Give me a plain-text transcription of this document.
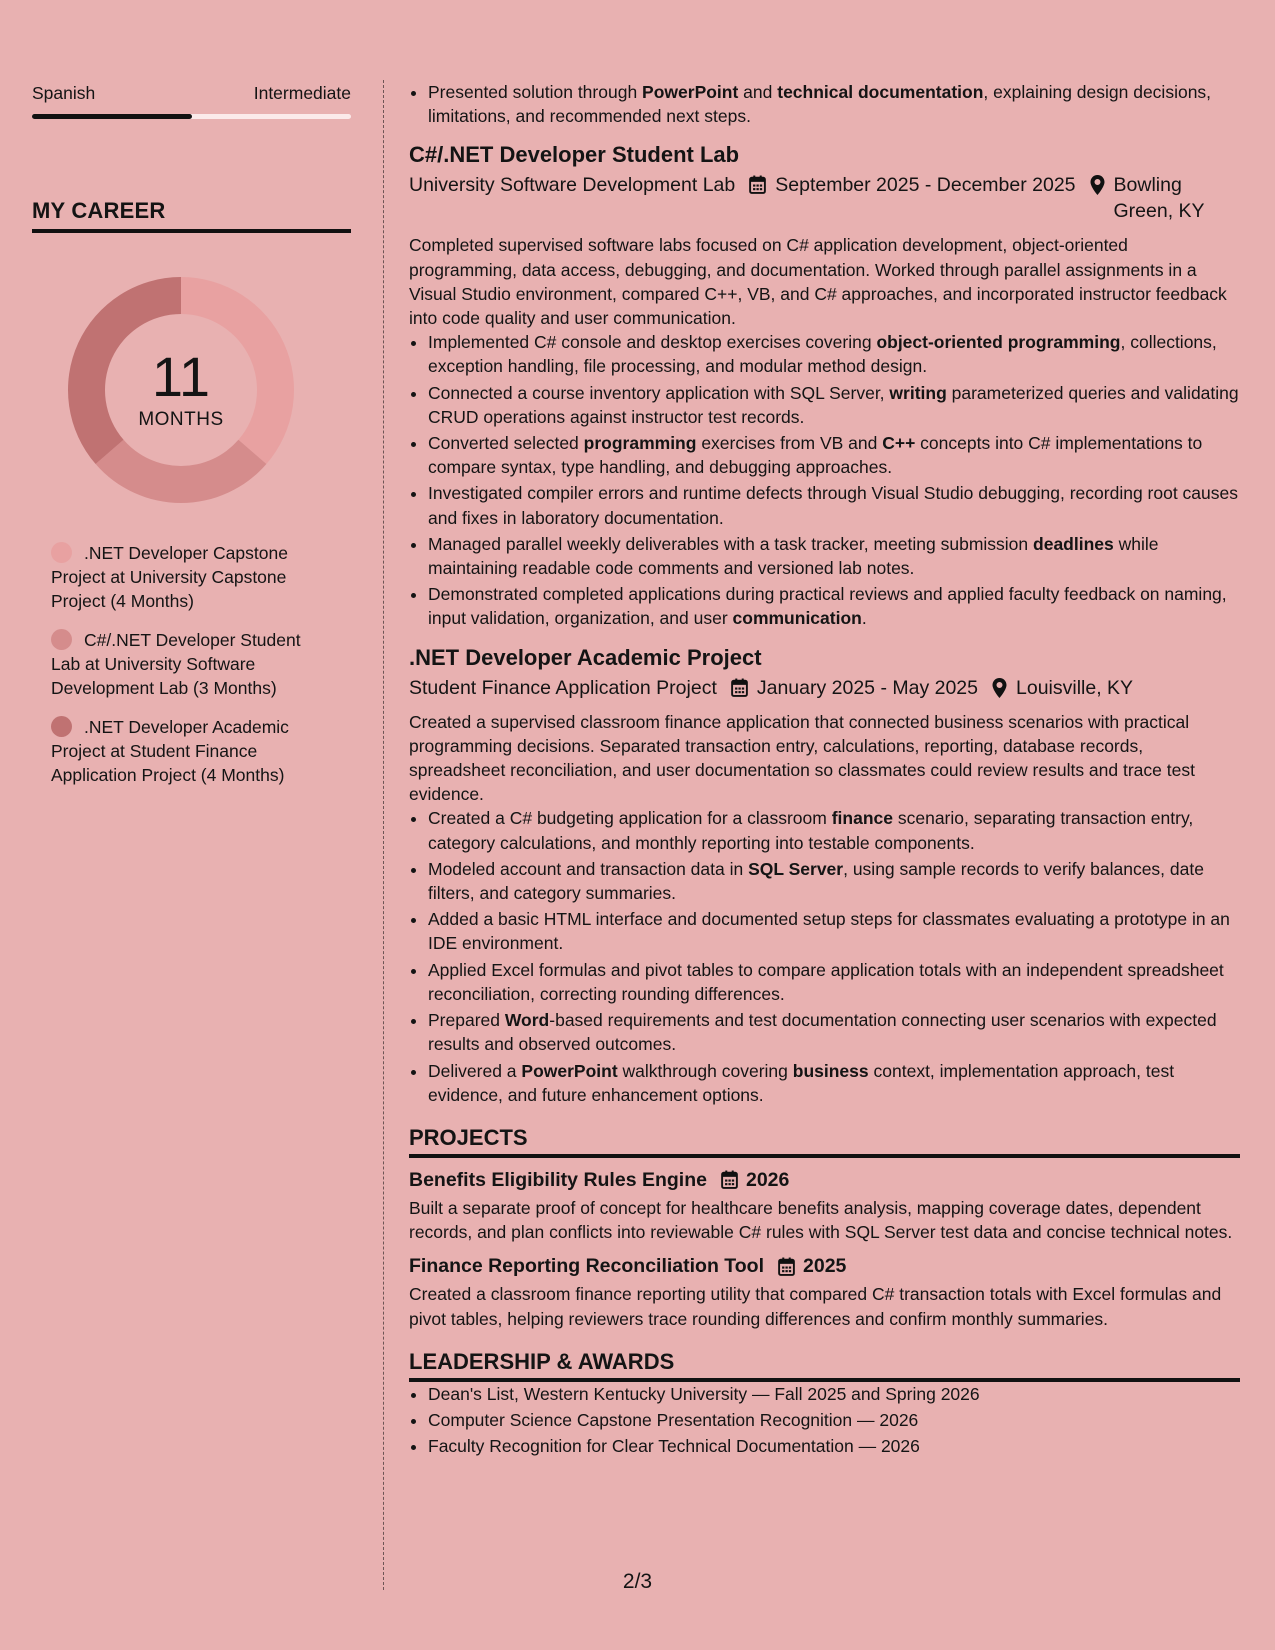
Spanish	Intermediate
MY CAREER
11
MONTHS
.NET Developer Capstone Project at University Capstone Project (4 Months)
C#/.NET Developer Student Lab at University Software Development Lab (3 Months)
.NET Developer Academic Project at Student Finance Application Project (4 Months)
• Presented solution through PowerPoint and technical documentation, explaining design decisions, limitations, and recommended next steps.
C#/.NET Developer Student Lab
University Software Development Lab September 2025 - December 2025 Bowling Green, KY
Completed supervised software labs focused on C# application development, object-oriented programming, data access, debugging, and documentation. Worked through parallel assignments in a Visual Studio environment, compared C++, VB, and C# approaches, and incorporated instructor feedback into code quality and user communication.
• Implemented C# console and desktop exercises covering object-oriented programming, collections, exception handling, file processing, and modular method design.
• Connected a course inventory application with SQL Server, writing parameterized queries and validating CRUD operations against instructor test records.
• Converted selected programming exercises from VB and C++ concepts into C# implementations to compare syntax, type handling, and debugging approaches.
• Investigated compiler errors and runtime defects through Visual Studio debugging, recording root causes and fixes in laboratory documentation.
• Managed parallel weekly deliverables with a task tracker, meeting submission deadlines while maintaining readable code comments and versioned lab notes.
• Demonstrated completed applications during practical reviews and applied faculty feedback on naming, input validation, organization, and user communication.
.NET Developer Academic Project
Student Finance Application Project January 2025 - May 2025 Louisville, KY
Created a supervised classroom finance application that connected business scenarios with practical programming decisions. Separated transaction entry, calculations, reporting, database records, spreadsheet reconciliation, and user documentation so classmates could review results and trace test evidence.
• Created a C# budgeting application for a classroom finance scenario, separating transaction entry, category calculations, and monthly reporting into testable components.
• Modeled account and transaction data in SQL Server, using sample records to verify balances, date filters, and category summaries.
• Added a basic HTML interface and documented setup steps for classmates evaluating a prototype in an IDE environment.
• Applied Excel formulas and pivot tables to compare application totals with an independent spreadsheet reconciliation, correcting rounding differences.
• Prepared Word-based requirements and test documentation connecting user scenarios with expected results and observed outcomes.
• Delivered a PowerPoint walkthrough covering business context, implementation approach, test evidence, and future enhancement options.
PROJECTS
Benefits Eligibility Rules Engine 2026
Built a separate proof of concept for healthcare benefits analysis, mapping coverage dates, dependent records, and plan conflicts into reviewable C# rules with SQL Server test data and concise technical notes.
Finance Reporting Reconciliation Tool 2025
Created a classroom finance reporting utility that compared C# transaction totals with Excel formulas and pivot tables, helping reviewers trace rounding differences and confirm monthly summaries.
LEADERSHIP & AWARDS
• Dean's List, Western Kentucky University — Fall 2025 and Spring 2026
• Computer Science Capstone Presentation Recognition — 2026
• Faculty Recognition for Clear Technical Documentation — 2026
2/3
